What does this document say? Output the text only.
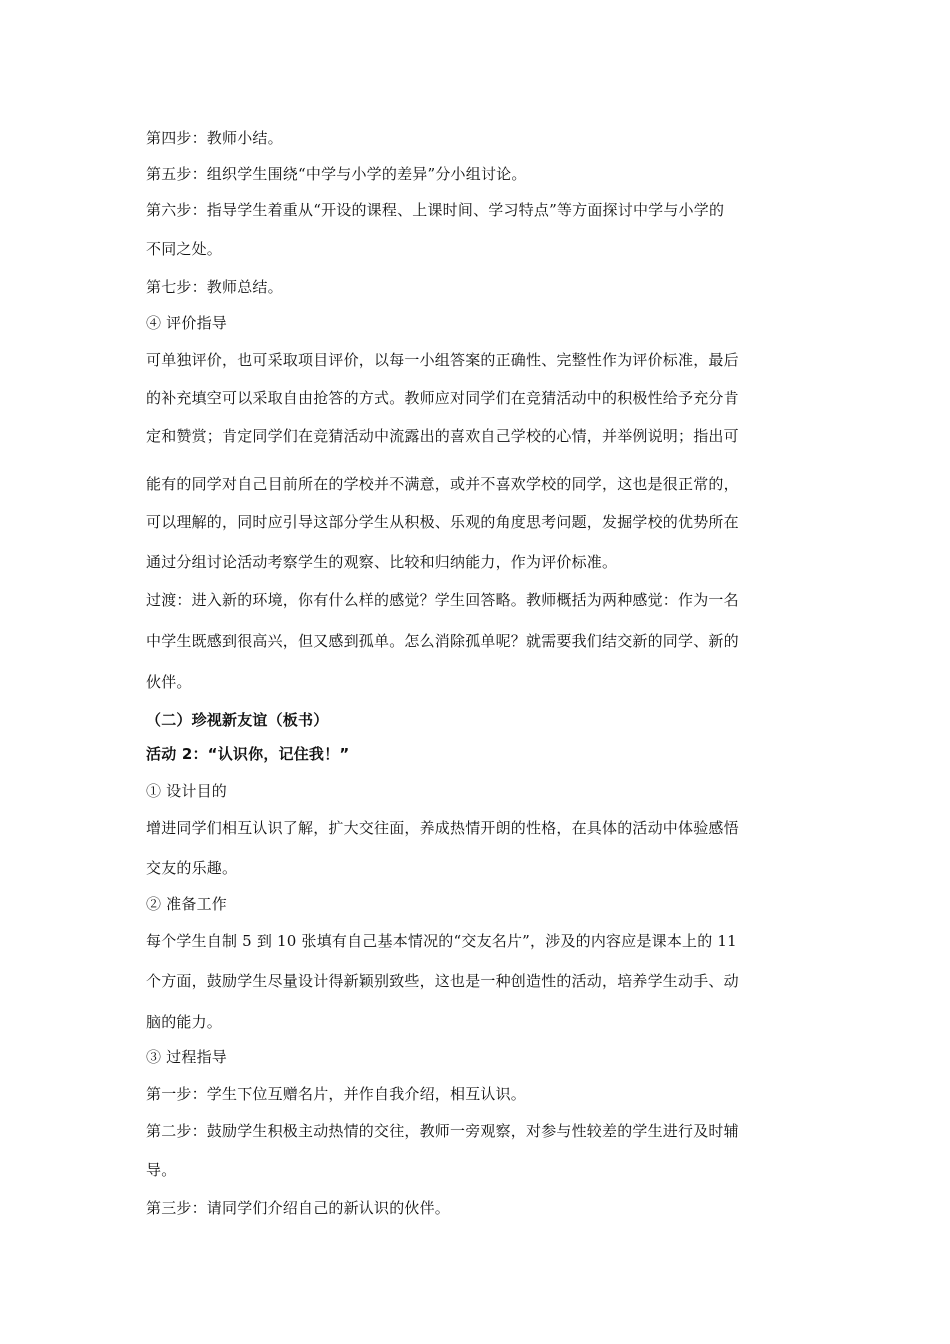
第四步：教师小结。
第五步：组织学生围绕“中学与小学的差异”分小组讨论。
第六步：指导学生着重从“开设的课程、上课时间、学习特点”等方面探讨中学与小学的
不同之处。
第七步：教师总结。
④ 评价指导
可单独评价，也可采取项目评价，以每一小组答案的正确性、完整性作为评价标准，最后
的补充填空可以采取自由抢答的方式。教师应对同学们在竞猜活动中的积极性给予充分肯
定和赞赏；肯定同学们在竞猜活动中流露出的喜欢自己学校的心情，并举例说明；指出可
能有的同学对自己目前所在的学校并不满意，或并不喜欢学校的同学，这也是很正常的，
可以理解的，同时应引导这部分学生从积极、乐观的角度思考问题，发掘学校的优势所在
通过分组讨论活动考察学生的观察、比较和归纳能力，作为评价标准。
过渡：进入新的环境，你有什么样的感觉？学生回答略。教师概括为两种感觉：作为一名
中学生既感到很高兴，但又感到孤单。怎么消除孤单呢？就需要我们结交新的同学、新的
伙伴。
（二）珍视新友谊（板书）
活动 2：“认识你，记住我！”
① 设计目的
增进同学们相互认识了解，扩大交往面，养成热情开朗的性格，在具体的活动中体验感悟
交友的乐趣。
② 准备工作
每个学生自制 5 到 10 张填有自己基本情况的“交友名片”，涉及的内容应是课本上的 11
个方面，鼓励学生尽量设计得新颖别致些，这也是一种创造性的活动，培养学生动手、动
脑的能力。
③ 过程指导
第一步：学生下位互赠名片，并作自我介绍，相互认识。
第二步：鼓励学生积极主动热情的交往，教师一旁观察，对参与性较差的学生进行及时辅
导。
第三步：请同学们介绍自己的新认识的伙伴。
